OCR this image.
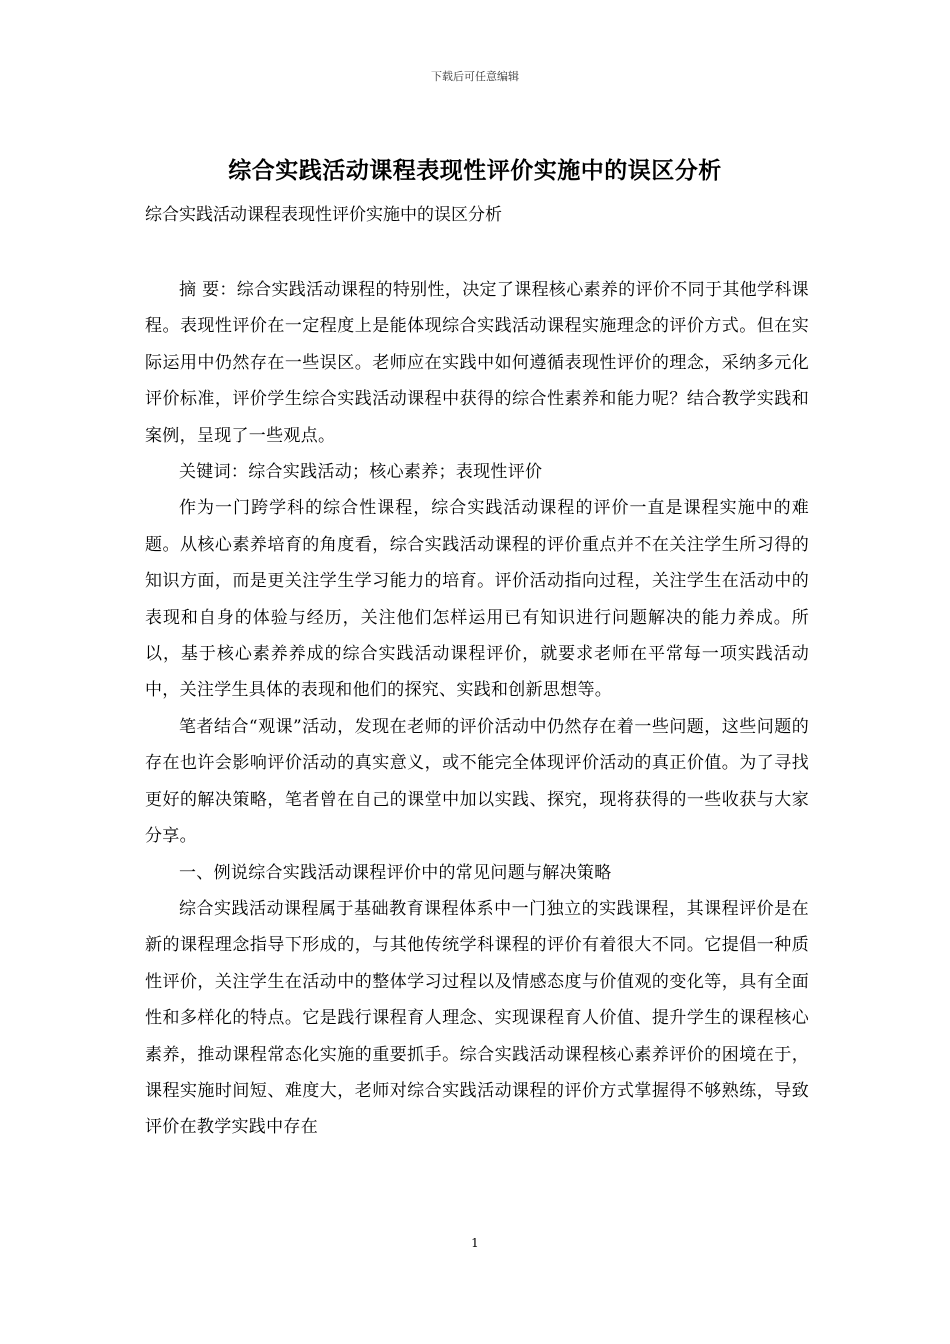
下载后可任意编辑
综合实践活动课程表现性评价实施中的误区分析
综合实践活动课程表现性评价实施中的误区分析

摘 要：综合实践活动课程的特别性，决定了课程核心素养的评价不同于其他学科课程。表现性评价在一定程度上是能体现综合实践活动课程实施理念的评价方式。但在实际运用中仍然存在一些误区。老师应在实践中如何遵循表现性评价的理念，采纳多元化评价标准，评价学生综合实践活动课程中获得的综合性素养和能力呢？结合教学实践和案例，呈现了一些观点。

关键词：综合实践活动；核心素养；表现性评价

作为一门跨学科的综合性课程，综合实践活动课程的评价一直是课程实施中的难题。从核心素养培育的角度看，综合实践活动课程的评价重点并不在关注学生所习得的知识方面，而是更关注学生学习能力的培育。评价活动指向过程，关注学生在活动中的表现和自身的体验与经历，关注他们怎样运用已有知识进行问题解决的能力养成。所以，基于核心素养养成的综合实践活动课程评价，就要求老师在平常每一项实践活动中，关注学生具体的表现和他们的探究、实践和创新思想等。

笔者结合“观课”活动，发现在老师的评价活动中仍然存在着一些问题，这些问题的存在也许会影响评价活动的真实意义，或不能完全体现评价活动的真正价值。为了寻找更好的解决策略，笔者曾在自己的课堂中加以实践、探究，现将获得的一些收获与大家分享。

一、例说综合实践活动课程评价中的常见问题与解决策略

综合实践活动课程属于基础教育课程体系中一门独立的实践课程，其课程评价是在新的课程理念指导下形成的，与其他传统学科课程的评价有着很大不同。它提倡一种质性评价，关注学生在活动中的整体学习过程以及情感态度与价值观的变化等，具有全面性和多样化的特点。它是践行课程育人理念、实现课程育人价值、提升学生的课程核心素养，推动课程常态化实施的重要抓手。综合实践活动课程核心素养评价的困境在于，课程实施时间短、难度大，老师对综合实践活动课程的评价方式掌握得不够熟练，导致评价在教学实践中存在

1
